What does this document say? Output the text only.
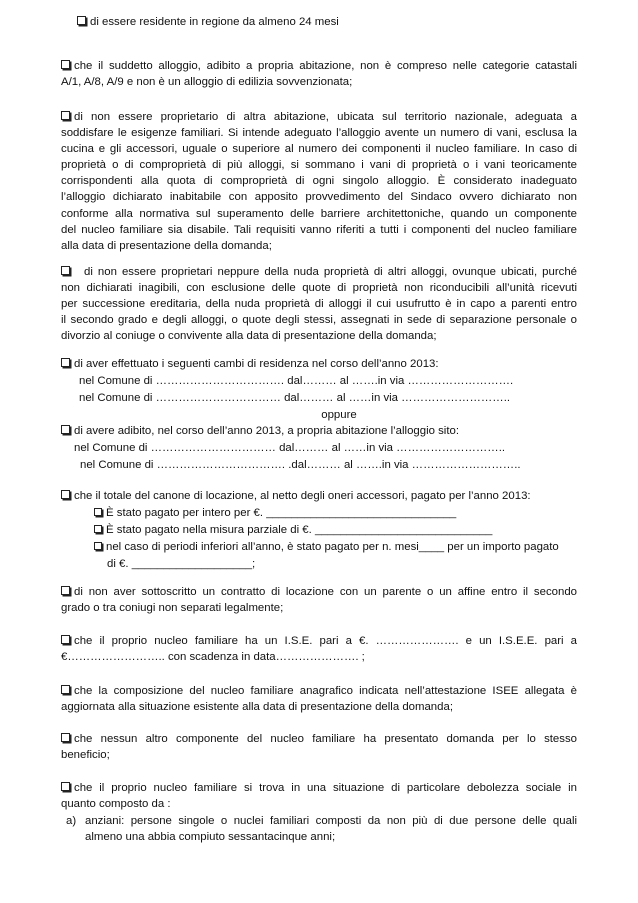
di essere residente in regione da almeno 24 mesi
che il suddetto alloggio, adibito a propria abitazione, non è compreso nelle categorie catastali
A/1, A/8, A/9 e non è un alloggio di edilizia sovvenzionata;
di non essere proprietario di altra abitazione, ubicata sul territorio nazionale, adeguata a
soddisfare le esigenze familiari. Si intende adeguato l’alloggio avente un numero di vani, esclusa la
cucina e gli accessori, uguale o superiore al numero dei componenti il nucleo familiare. In caso di
proprietà o di comproprietà di più alloggi, si sommano i vani di proprietà o i vani teoricamente
corrispondenti alla quota di comproprietà di ogni singolo alloggio. È considerato inadeguato
l’alloggio dichiarato inabitabile con apposito provvedimento del Sindaco ovvero dichiarato non
conforme alla normativa sul superamento delle barriere architettoniche, quando un componente
del nucleo familiare sia disabile. Tali requisiti vanno riferiti a tutti i componenti del nucleo familiare
alla data di presentazione della domanda;
di non essere proprietari neppure della nuda proprietà di altri alloggi, ovunque ubicati, purché
non dichiarati inagibili, con esclusione delle quote di proprietà non riconducibili all’unità ricevuti
per successione ereditaria, della nuda proprietà di alloggi il cui usufrutto è in capo a parenti entro
il secondo grado e degli alloggi, o quote degli stessi, assegnati in sede di separazione personale o
divorzio al coniuge o convivente alla data di presentazione della domanda;
di aver effettuato i seguenti cambi di residenza nel corso dell’anno 2013:
nel Comune di ……………………………. dal……… al …….in via ……………………….
nel Comune di …………………………… dal……… al ……in via ………………………..
oppure
di avere adibito, nel corso dell’anno 2013, a propria abitazione l’alloggio sito:
nel Comune di …………………………… dal……… al ……in via ………………………..
nel Comune di ……………………………. .dal……… al …….in via ………………………..
che il totale del canone di locazione, al netto degli oneri accessori, pagato per l’anno 2013:
È stato pagato per intero per €. ______________________________
È stato pagato nella misura parziale di €. ____________________________
nel caso di periodi inferiori all’anno, è stato pagato per n. mesi____ per un importo pagato
di €. ___________________;
di non aver sottoscritto un contratto di locazione con un parente o un affine entro il secondo
grado o tra coniugi non separati legalmente;
che il proprio nucleo familiare ha un I.S.E. pari a €. …………………. e un I.S.E.E. pari a
€…………………….. con scadenza in data…………………. ;
che la composizione del nucleo familiare anagrafico indicata nell’attestazione ISEE allegata è
aggiornata alla situazione esistente alla data di presentazione della domanda;
che nessun altro componente del nucleo familiare ha presentato domanda per lo stesso
beneficio;
che il proprio nucleo familiare si trova in una situazione di particolare debolezza sociale in
quanto composto da :
a) anziani: persone singole o nuclei familiari composti da non più di due persone delle quali
almeno una abbia compiuto sessantacinque anni;
